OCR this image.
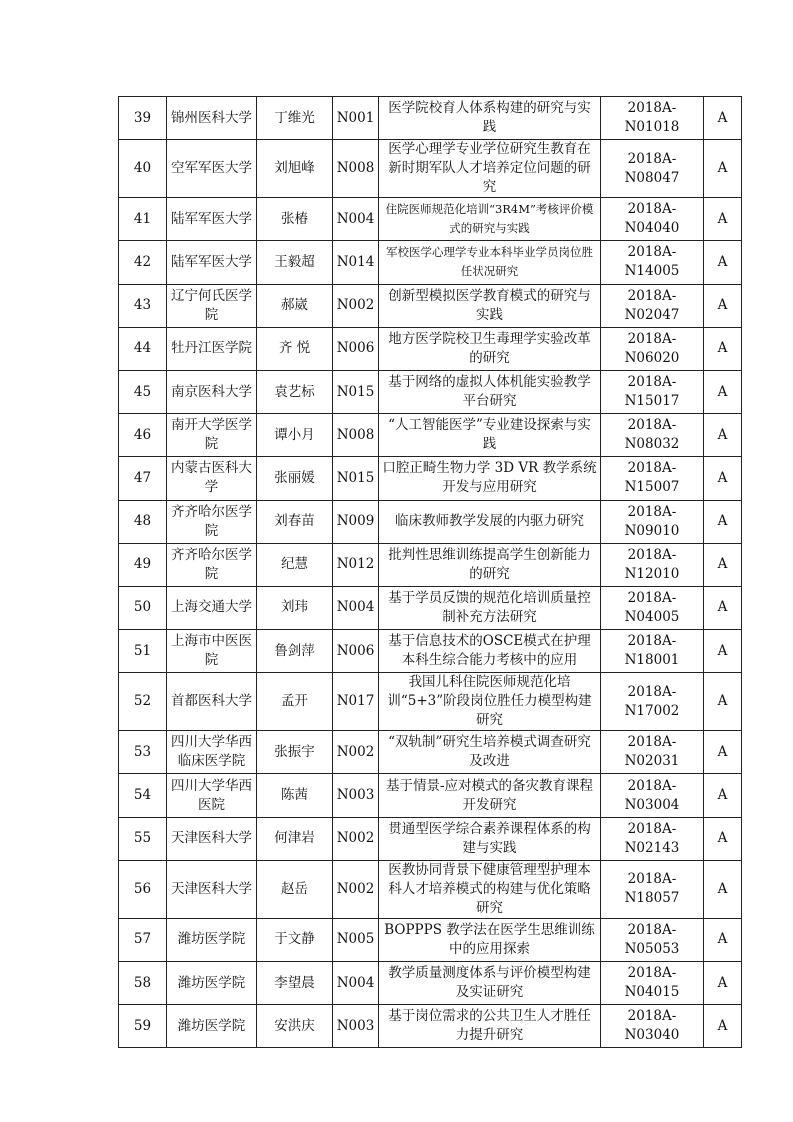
39	锦州医科大学	丁维光	N001	医学院校育人体系构建的研究与实践	2018A-N01018	A
40	空军军医大学	刘旭峰	N008	医学心理学专业学位研究生教育在新时期军队人才培养定位问题的研究	2018A-N08047	A
41	陆军军医大学	张椿	N004	住院医师规范化培训“3R4M”考核评价模式的研究与实践	2018A-N04040	A
42	陆军军医大学	王毅超	N014	军校医学心理学专业本科毕业学员岗位胜任状况研究	2018A-N14005	A
43	辽宁何氏医学院	郝崴	N002	创新型模拟医学教育模式的研究与实践	2018A-N02047	A
44	牡丹江医学院	齐 悦	N006	地方医学院校卫生毒理学实验改革的研究	2018A-N06020	A
45	南京医科大学	袁艺标	N015	基于网络的虚拟人体机能实验教学平台研究	2018A-N15017	A
46	南开大学医学院	谭小月	N008	“人工智能医学”专业建设探索与实践	2018A-N08032	A
47	内蒙古医科大学	张丽媛	N015	口腔正畸生物力学 3D VR 教学系统开发与应用研究	2018A-N15007	A
48	齐齐哈尔医学院	刘春苗	N009	临床教师教学发展的内驱力研究	2018A-N09010	A
49	齐齐哈尔医学院	纪慧	N012	批判性思维训练提高学生创新能力的研究	2018A-N12010	A
50	上海交通大学	刘玮	N004	基于学员反馈的规范化培训质量控制补充方法研究	2018A-N04005	A
51	上海市中医医院	鲁剑萍	N006	基于信息技术的OSCE模式在护理本科生综合能力考核中的应用	2018A-N18001	A
52	首都医科大学	孟开	N017	我国儿科住院医师规范化培训“5+3”阶段岗位胜任力模型构建研究	2018A-N17002	A
53	四川大学华西临床医学院	张振宇	N002	“双轨制”研究生培养模式调查研究及改进	2018A-N02031	A
54	四川大学华西医院	陈茜	N003	基于情景-应对模式的备灾教育课程开发研究	2018A-N03004	A
55	天津医科大学	何津岩	N002	贯通型医学综合素养课程体系的构建与实践	2018A-N02143	A
56	天津医科大学	赵岳	N002	医教协同背景下健康管理型护理本科人才培养模式的构建与优化策略研究	2018A-N18057	A
57	潍坊医学院	于文静	N005	BOPPPS 教学法在医学生思维训练中的应用探索	2018A-N05053	A
58	潍坊医学院	李望晨	N004	教学质量测度体系与评价模型构建及实证研究	2018A-N04015	A
59	潍坊医学院	安洪庆	N003	基于岗位需求的公共卫生人才胜任力提升研究	2018A-N03040	A
